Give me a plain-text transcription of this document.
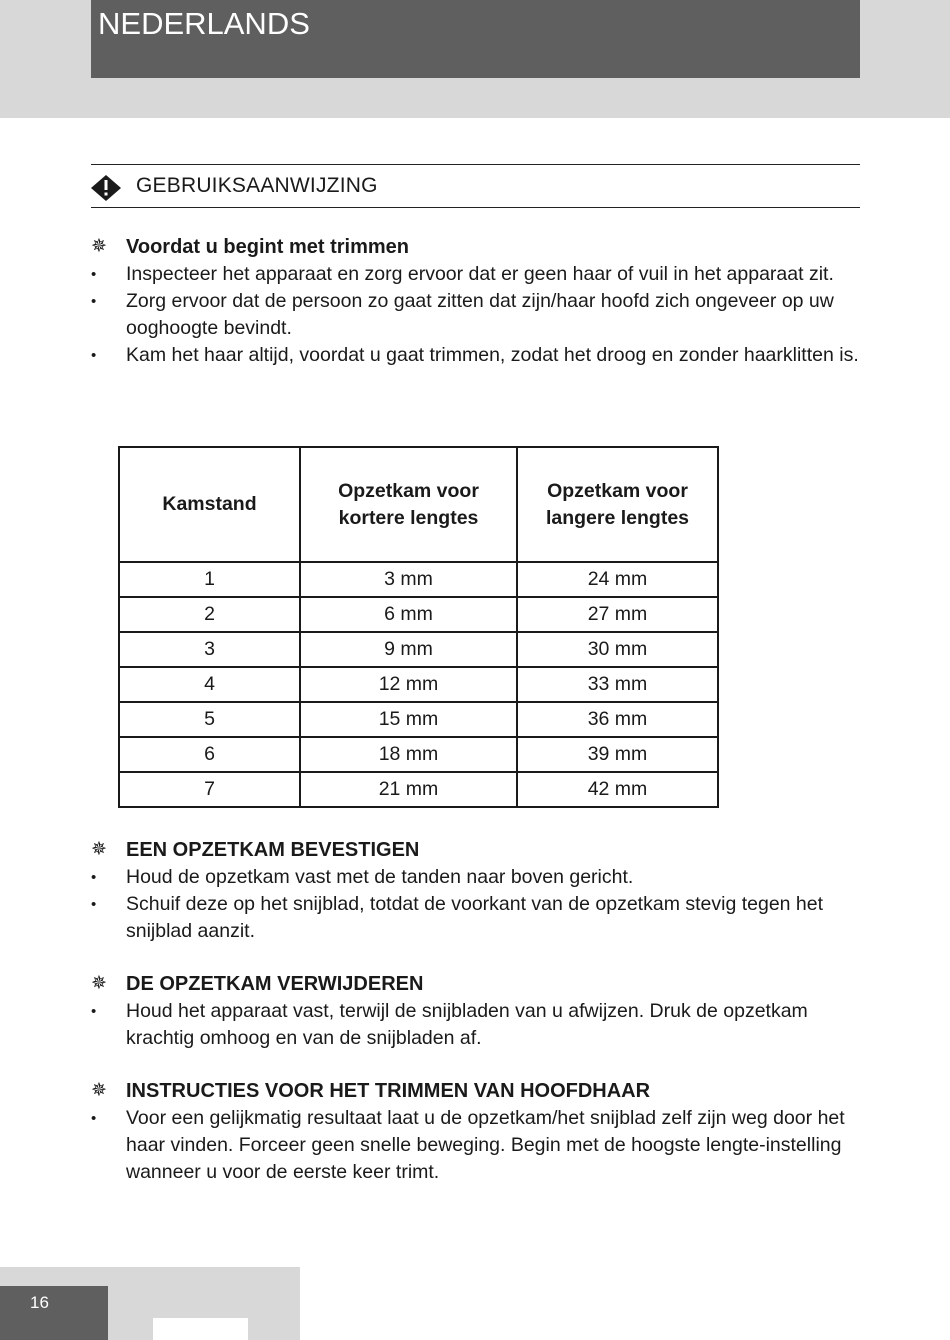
NEDERLANDS
GEBRUIKSAANWIJZING
✵ Voordat u begint met trimmen
• Inspecteer het apparaat en zorg ervoor dat er geen haar of vuil in het apparaat zit.
• Zorg ervoor dat de persoon zo gaat zitten dat zijn/haar hoofd zich ongeveer op uw ooghoogte bevindt.
• Kam het haar altijd, voordat u gaat trimmen, zodat het droog en zonder haarklitten is.
Kamstand	Opzetkam voor kortere lengtes	Opzetkam voor langere lengtes
1	3 mm	24 mm
2	6 mm	27 mm
3	9 mm	30 mm
4	12 mm	33 mm
5	15 mm	36 mm
6	18 mm	39 mm
7	21 mm	42 mm
✵ EEN OPZETKAM BEVESTIGEN
• Houd de opzetkam vast met de tanden naar boven gericht.
• Schuif deze op het snijblad, totdat de voorkant van de opzetkam stevig tegen het snijblad aanzit.
✵ DE OPZETKAM VERWIJDEREN
• Houd het apparaat vast, terwijl de snijbladen van u afwijzen. Druk de opzetkam krachtig omhoog en van de snijbladen af.
✵ INSTRUCTIES VOOR HET TRIMMEN VAN HOOFDHAAR
• Voor een gelijkmatig resultaat laat u de opzetkam/het snijblad zelf zijn weg door het haar vinden. Forceer geen snelle beweging. Begin met de hoogste lengte-instelling wanneer u voor de eerste keer trimt.
16
